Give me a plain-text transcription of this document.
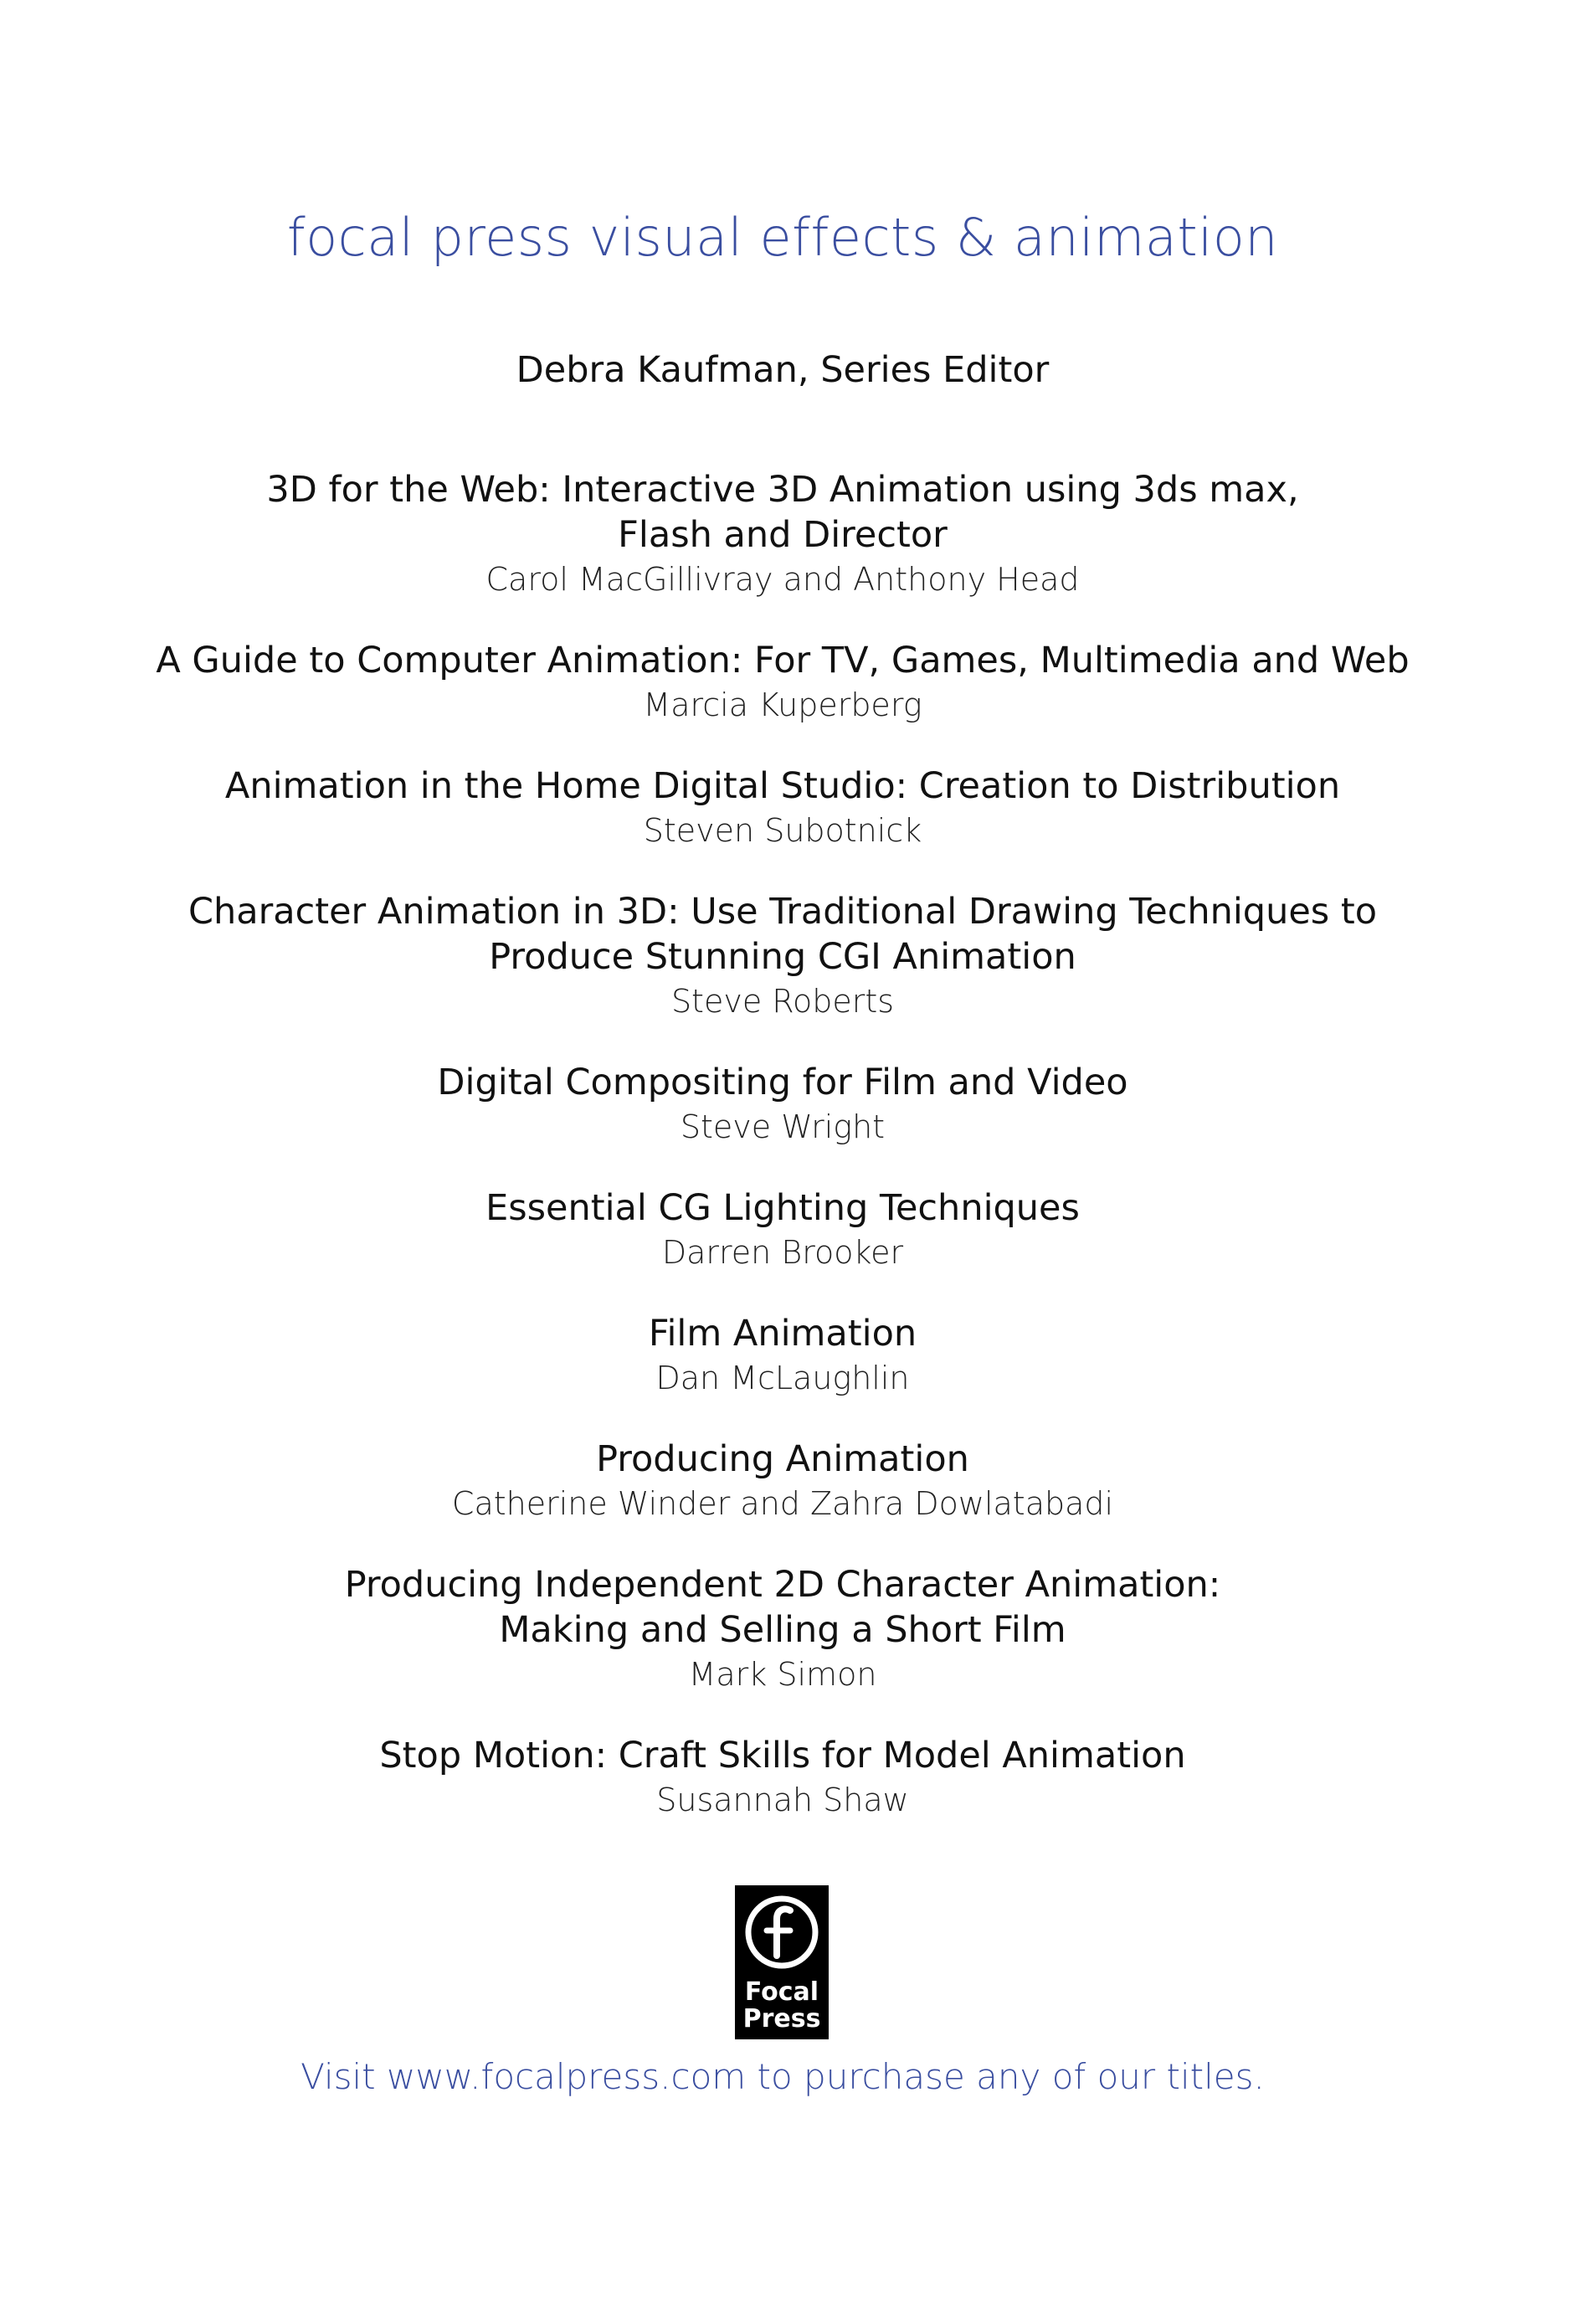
focal press visual effects & animation
Debra Kaufman, Series Editor
3D for the Web: Interactive 3D Animation using 3ds max,
Flash and Director
Carol MacGillivray and Anthony Head
A Guide to Computer Animation: For TV, Games, Multimedia and Web
Marcia Kuperberg
Animation in the Home Digital Studio: Creation to Distribution
Steven Subotnick
Character Animation in 3D: Use Traditional Drawing Techniques to
Produce Stunning CGI Animation
Steve Roberts
Digital Compositing for Film and Video
Steve Wright
Essential CG Lighting Techniques
Darren Brooker
Film Animation
Dan McLaughlin
Producing Animation
Catherine Winder and Zahra Dowlatabadi
Producing Independent 2D Character Animation:
Making and Selling a Short Film
Mark Simon
Stop Motion: Craft Skills for Model Animation
Susannah Shaw
Focal
Press
Visit www.focalpress.com to purchase any of our titles.
